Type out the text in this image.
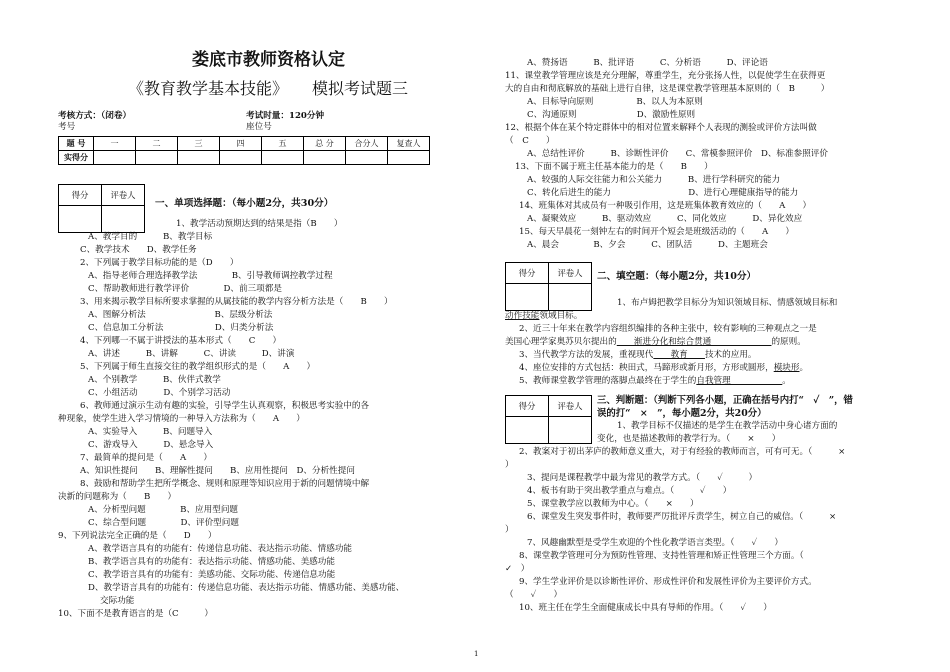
娄底市教师资格认定
《教育教学基本技能》　　模拟考试题三
考核方式：（闭卷）	考试时量：120分钟
考号	座位号
题 号	一	二	三	四	五	总 分	合分人	复查人
实得分								
得分	评卷人

一、单项选择题：（每小题2分，共30分）
1、教学活动预期达到的结果是指（B　　）
A、教学目的　　　B、教学目标
C、教学技术　　D、教学任务
2、下列属于教学目标功能的是（D　　）
A、指导老师合理选择教学法　　　　B、引导教师调控教学过程
C、帮助教师进行教学评价　　　　D、前三项都是
3、用来揭示教学目标所要求掌握的从属技能的教学内容分析方法是（　　B　　）
A、图解分析法　　　　　　　　B、层级分析法
C、信息加工分析法　　　　　　D、归类分析法
4、下列哪一不属于讲授法的基本形式（　　C　　）
A、讲述　　　B、讲解　　　C、讲读　　　D、讲演
5、下列属于师生直接交往的教学组织形式的是（　　A　　）
A、个别教学　　　B、伙伴式教学
C、小组活动　　　D、个别学习活动
6、教师通过演示生动有趣的实验，引导学生认真观察，积极思考实验中的各
种现象，使学生进入学习情境的一种导入方法称为（　　A　　）
A、实验导入　　　B、问题导入
C、游戏导入　　　D、悬念导入
7、最简单的提问是（　　A　　）
A、知识性提问　　B、理解性提问　　B、应用性提问　D、分析性提问
8、鼓励和帮助学生把所学概念、规则和原理等知识应用于新的问题情境中解
决新的问题称为（　　B　　）
A、分析型问题　　　　B、应用型问题
C、综合型问题　　　　D、评价型问题
9、下列说法完全正确的是（　　D　　）
A、教学语言具有的功能有：传递信息功能、表达指示功能、情感功能
B、教学语言具有的功能有：表达指示功能、情感功能、美感功能
C、教学语言具有的功能有：美感功能、交际功能、传递信息功能
D、教学语言具有的功能有：传递信息功能、表达指示功能、情感功能、美感功能、
交际功能
10、下面不是教育语言的是（C　　　）
A、赞扬语　　　B、批评语　　　C、分析语　　　D、评论语
11、课堂教学管理应该是充分理解，尊重学生，充分张扬人性，以促使学生在获得更
大的自由和彻底解放的基础上进行自律，这是课堂教学管理基本原则的（　B　　　）
A、目标导向原则　　　　　B、以人为本原则
C、沟通原则　　　　　　　D、激励性原则
12、根据个体在某个特定群体中的相对位置来解释个人表现的测验或评价方法叫做
（　C　　）
A、总结性评价　　　B、诊断性评价　　C、常模参照评价　D、标准参照评价
13、下面不属于班主任基本能力的是（　　B　　）
A、较强的人际交往能力和公关能力　　　B、进行学科研究的能力
C、转化后进生的能力　　　　　　　　　D、进行心理健康指导的能力
14、班集体对其成员有一种吸引作用，这是班集体教育效应的（　　A　　）
A、凝聚效应　　　B、驱动效应　　　C、同化效应　　　D、异化效应
15、每天早晨花一刻钟左右的时间开个短会是班级活动的（　　A　　）
A、晨会　　　　B、夕会　　　C、团队活　　　D、主题班会
得分	评卷人
	二、填空题：（每小题2分，共10分）
1、布卢姆把教学目标分为知识领域目标、情感领域目标和
动作技能领域目标。
2、近三十年来在教学内容组织编排的各种主张中，较有影响的三种观点之一是
美国心理学家奥苏贝尔提出的　　渐进分化和综合贯通　　　　　　　的原则。
3、当代教学方法的发展，重视现代　　教育　　技术的应用。
4、座位安排的方式包括：秧田式，马蹄形或新月形，方形或圆形，模块形。
5、教师课堂教学管理的落脚点最终在于学生的自我管理　　　　　　。
得分	评卷人
	三、判断题：（判断下列各小题，正确在括号内打“　✓　”，错
误的打“　×　”，每小题2分，共20分）
1、教学目标不仅描述的是学生在教学活动中身心诸方面的
变化，也是描述教师的教学行为。（　　×　　）
2、教案对于初出茅庐的教师意义重大，对于有经验的教师而言，可有可无。（　　　×
）
3、提问是课程教学中最为常见的教学方式。（　　✓　　　）
4、板书有助于突出教学重点与难点。（　　　✓　　）
5、课堂教学应以教师为中心。（　　×　　）
6、课堂发生突发事件时，教师要严厉批评斥责学生，树立自己的威信。（　　　×
）
7、风趣幽默型是受学生欢迎的个性化教学语言类型。（　　✓　　）
8、课堂教学管理可分为预防性管理、支持性管理和矫正性管理三个方面。（
✓　）
9、学生学业评价是以诊断性评价、形成性评价和发展性评价为主要评价方式。
（　　✓　　）
10、班主任在学生全面健康成长中具有导师的作用。（　　✓　　）
1
